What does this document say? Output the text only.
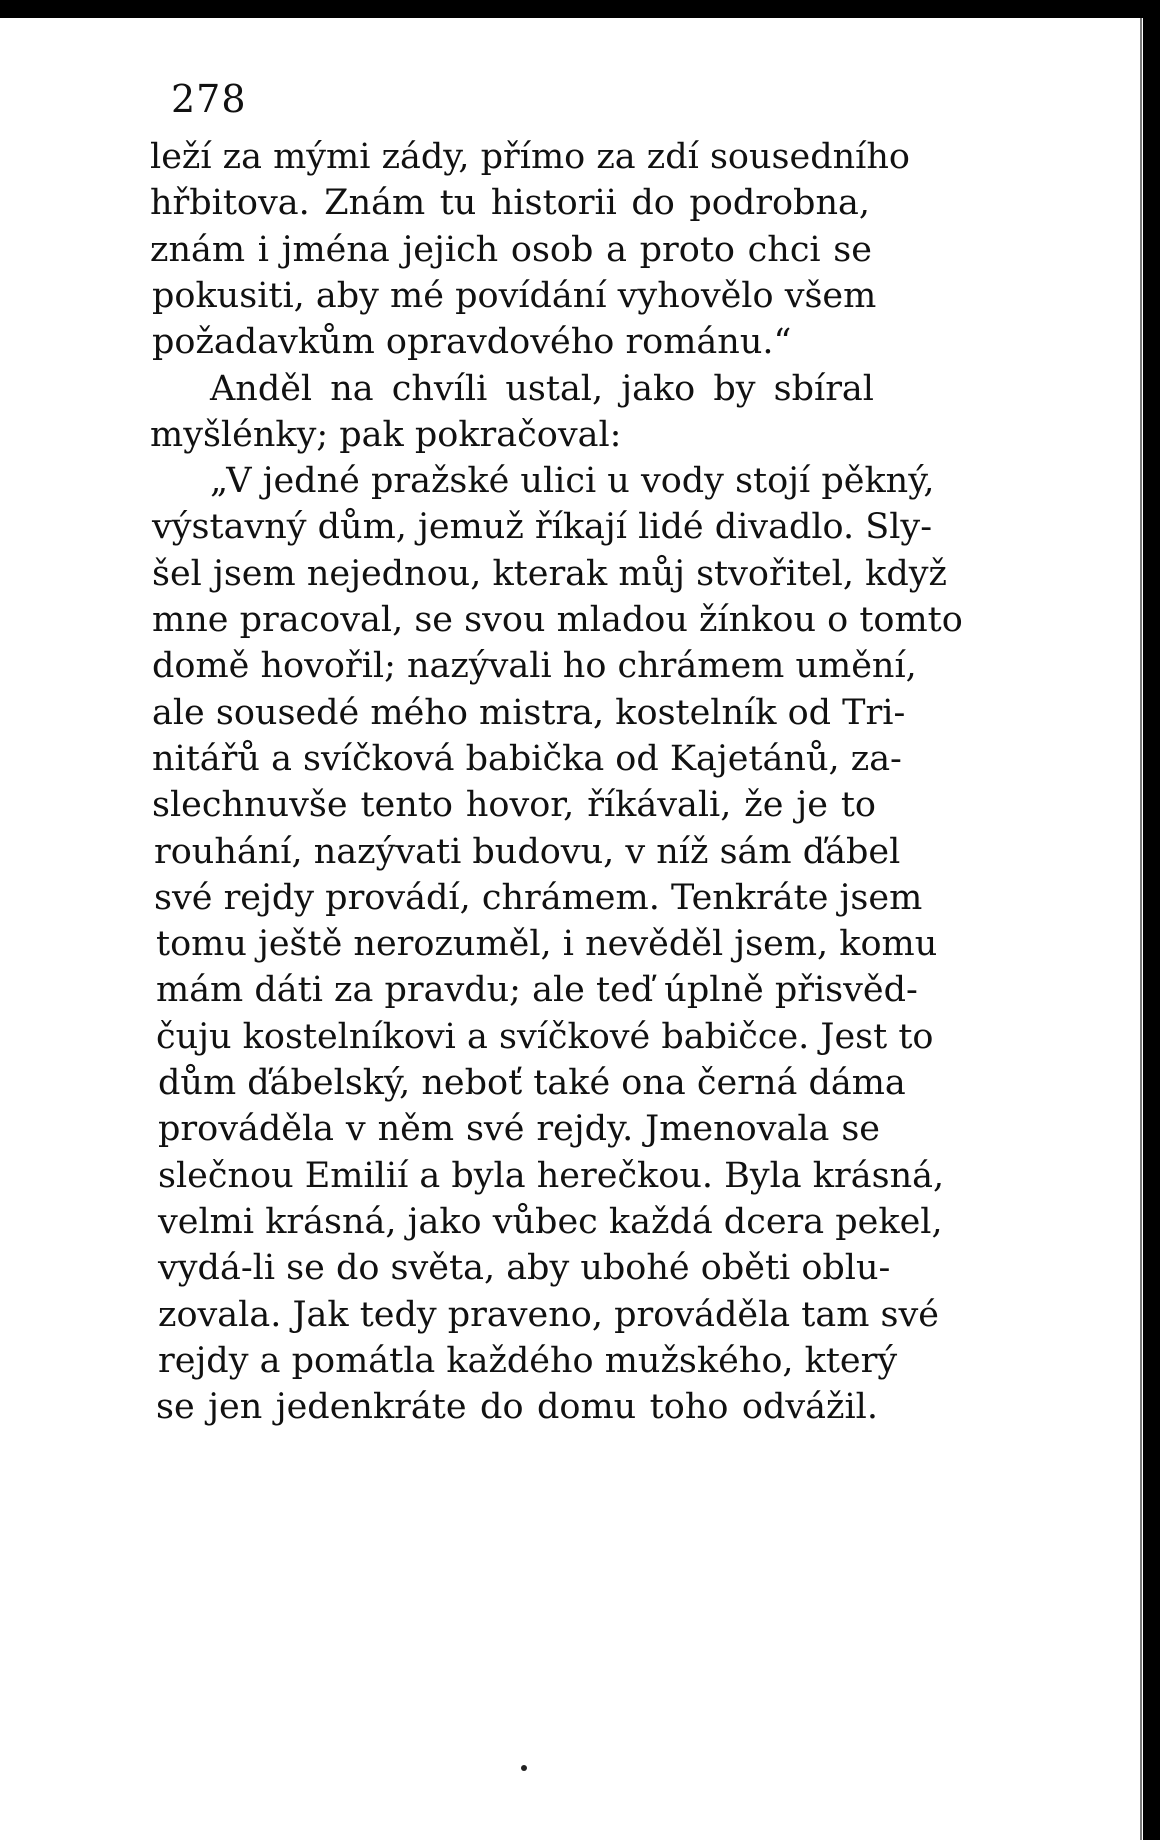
278
leží za mými zády, přímo za zdí sousedního
hřbitova. Znám tu historii do podrobna,
znám i jména jejich osob a proto chci se
pokusiti, aby mé povídání vyhovělo všem
požadavkům opravdového románu.“
Anděl na chvíli ustal, jako by sbíral
myšlénky; pak pokračoval:
„V jedné pražské ulici u vody stojí pěkný,
výstavný dům, jemuž říkají lidé divadlo. Sly-
šel jsem nejednou, kterak můj stvořitel, když
mne pracoval, se svou mladou žínkou o tomto
domě hovořil; nazývali ho chrámem umění,
ale sousedé mého mistra, kostelník od Tri-
nitářů a svíčková babička od Kajetánů, za-
slechnuvše tento hovor, říkávali, že je to
rouhání, nazývati budovu, v níž sám ďábel
své rejdy provádí, chrámem. Tenkráte jsem
tomu ještě nerozuměl, i nevěděl jsem, komu
mám dáti za pravdu; ale teď úplně přisvěd-
čuju kostelníkovi a svíčkové babičce. Jest to
dům ďábelský, neboť také ona černá dáma
prováděla v něm své rejdy. Jmenovala se
slečnou Emilií a byla herečkou. Byla krásná,
velmi krásná, jako vůbec každá dcera pekel,
vydá-li se do světa, aby ubohé oběti oblu-
zovala. Jak tedy praveno, prováděla tam své
rejdy a pomátla každého mužského, který
se jen jedenkráte do domu toho odvážil.
